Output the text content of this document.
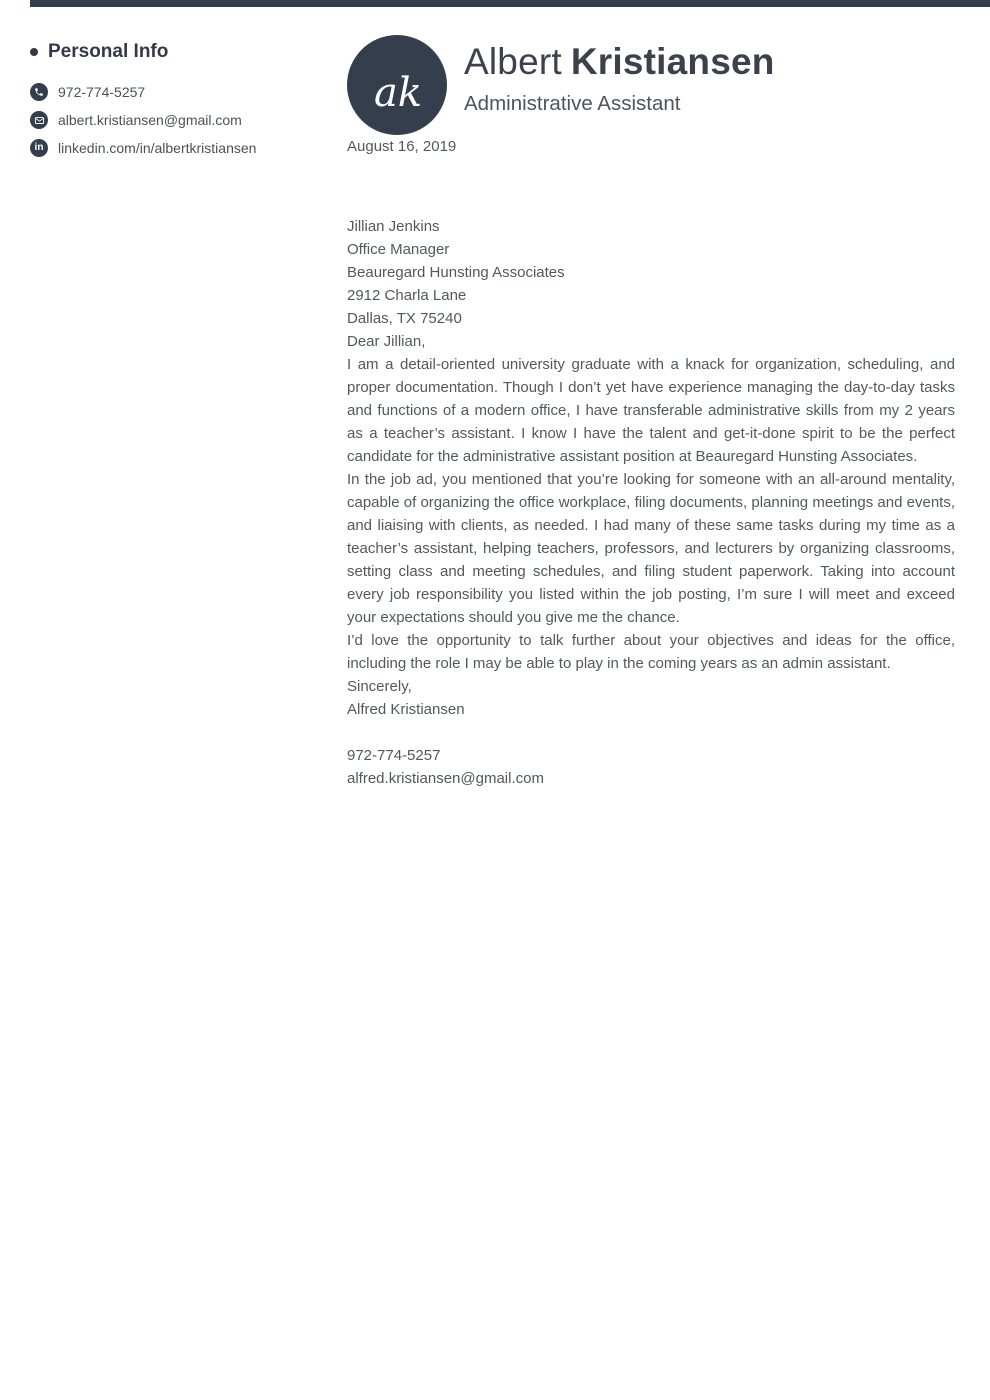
Personal Info
972-774-5257
albert.kristiansen@gmail.com
in linkedin.com/in/albertkristiansen
ak
Albert Kristiansen
Administrative Assistant

August 16, 2019

Jillian Jenkins

Office Manager

Beauregard Hunsting Associates

2912 Charla Lane

Dallas, TX 75240

Dear Jillian,

I am a detail-oriented university graduate with a knack for organization, scheduling, and proper documentation. Though I don’t yet have experience managing the day-to-day tasks and functions of a modern office, I have transferable administrative skills from my 2 years as a teacher’s assistant. I know I have the talent and get-it-done spirit to be the perfect candidate for the administrative assistant position at Beauregard Hunsting Associates.

In the job ad, you mentioned that you’re looking for someone with an all-around mentality, capable of organizing the office workplace, filing documents, planning meetings and events, and liaising with clients, as needed. I had many of these same tasks during my time as a teacher’s assistant, helping teachers, professors, and lecturers by organizing classrooms, setting class and meeting schedules, and filing student paperwork. Taking into account every job responsibility you listed within the job posting, I’m sure I will meet and exceed your expectations should you give me the chance.

I’d love the opportunity to talk further about your objectives and ideas for the office, including the role I may be able to play in the coming years as an admin assistant.

Sincerely,

Alfred Kristiansen

972-774-5257

alfred.kristiansen@gmail.com
